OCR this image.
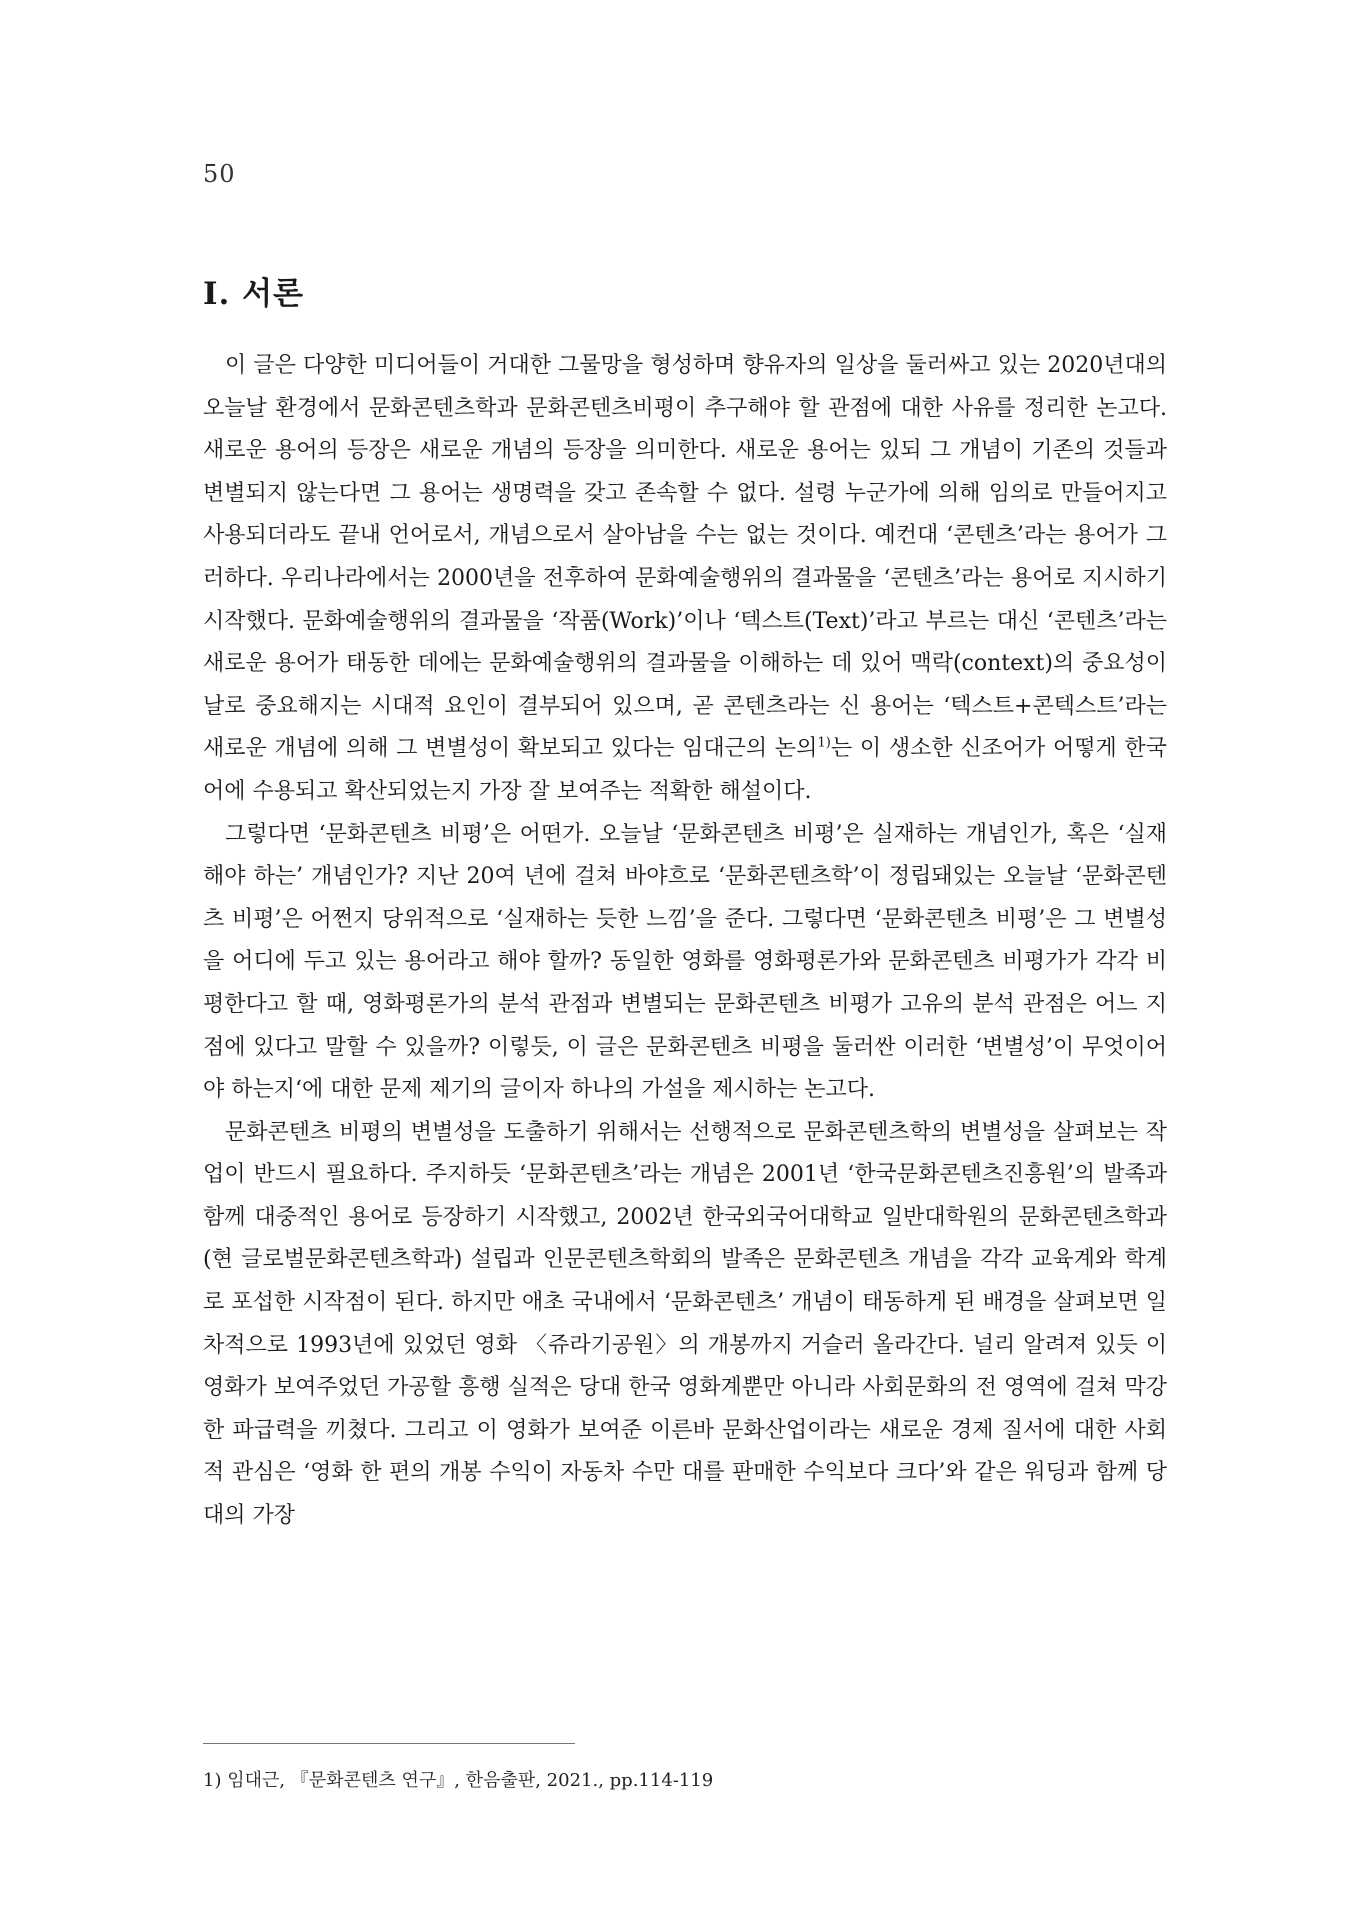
50
Ⅰ. 서론

이 글은 다양한 미디어들이 거대한 그물망을 형성하며 향유자의 일상을 둘러싸고 있는 2020년대의 오늘날 환경에서 문화콘텐츠학과 문화콘텐츠비평이 추구해야 할 관점에 대한 사유를 정리한 논고다. 새로운 용어의 등장은 새로운 개념의 등장을 의미한다. 새로운 용어는 있되 그 개념이 기존의 것들과 변별되지 않는다면 그 용어는 생명력을 갖고 존속할 수 없다. 설령 누군가에 의해 임의로 만들어지고 사용되더라도 끝내 언어로서, 개념으로서 살아남을 수는 없는 것이다. 예컨대 ‘콘텐츠’라는 용어가 그러하다. 우리나라에서는 2000년을 전후하여 문화예술행위의 결과물을 ‘콘텐츠’라는 용어로 지시하기 시작했다. 문화예술행위의 결과물을 ‘작품(Work)’이나 ‘텍스트(Text)’라고 부르는 대신 ‘콘텐츠’라는 새로운 용어가 태동한 데에는 문화예술행위의 결과물을 이해하는 데 있어 맥락(context)의 중요성이 날로 중요해지는 시대적 요인이 결부되어 있으며, 곧 콘텐츠라는 신 용어는 ‘텍스트+콘텍스트’라는 새로운 개념에 의해 그 변별성이 확보되고 있다는 임대근의 논의$^{1)}$는 이 생소한 신조어가 어떻게 한국어에 수용되고 확산되었는지 가장 잘 보여주는 적확한 해설이다.

그렇다면 ‘문화콘텐츠 비평’은 어떤가. 오늘날 ‘문화콘텐츠 비평’은 실재하는 개념인가, 혹은 ‘실재해야 하는’ 개념인가? 지난 20여 년에 걸쳐 바야흐로 ‘문화콘텐츠학’이 정립돼있는 오늘날 ‘문화콘텐츠 비평’은 어쩐지 당위적으로 ‘실재하는 듯한 느낌’을 준다. 그렇다면 ‘문화콘텐츠 비평’은 그 변별성을 어디에 두고 있는 용어라고 해야 할까? 동일한 영화를 영화평론가와 문화콘텐츠 비평가가 각각 비평한다고 할 때, 영화평론가의 분석 관점과 변별되는 문화콘텐츠 비평가 고유의 분석 관점은 어느 지점에 있다고 말할 수 있을까? 이렇듯, 이 글은 문화콘텐츠 비평을 둘러싼 이러한 ‘변별성’이 무엇이어야 하는지‘에 대한 문제 제기의 글이자 하나의 가설을 제시하는 논고다.

문화콘텐츠 비평의 변별성을 도출하기 위해서는 선행적으로 문화콘텐츠학의 변별성을 살펴보는 작업이 반드시 필요하다. 주지하듯 ‘문화콘텐츠’라는 개념은 2001년 ‘한국문화콘텐츠진흥원’의 발족과 함께 대중적인 용어로 등장하기 시작했고, 2002년 한국외국어대학교 일반대학원의 문화콘텐츠학과(현 글로벌문화콘텐츠학과) 설립과 인문콘텐츠학회의 발족은 문화콘텐츠 개념을 각각 교육계와 학계로 포섭한 시작점이 된다. 하지만 애초 국내에서 ‘문화콘텐츠’ 개념이 태동하게 된 배경을 살펴보면 일차적으로 1993년에 있었던 영화 〈쥬라기공원〉의 개봉까지 거슬러 올라간다. 널리 알려져 있듯 이 영화가 보여주었던 가공할 흥행 실적은 당대 한국 영화계뿐만 아니라 사회문화의 전 영역에 걸쳐 막강한 파급력을 끼쳤다. 그리고 이 영화가 보여준 이른바 문화산업이라는 새로운 경제 질서에 대한 사회적 관심은 ‘영화 한 편의 개봉 수익이 자동차 수만 대를 판매한 수익보다 크다’와 같은 워딩과 함께 당대의 가장

1) 임대근, 『문화콘텐츠 연구』, 한음출판, 2021., pp.114-119
